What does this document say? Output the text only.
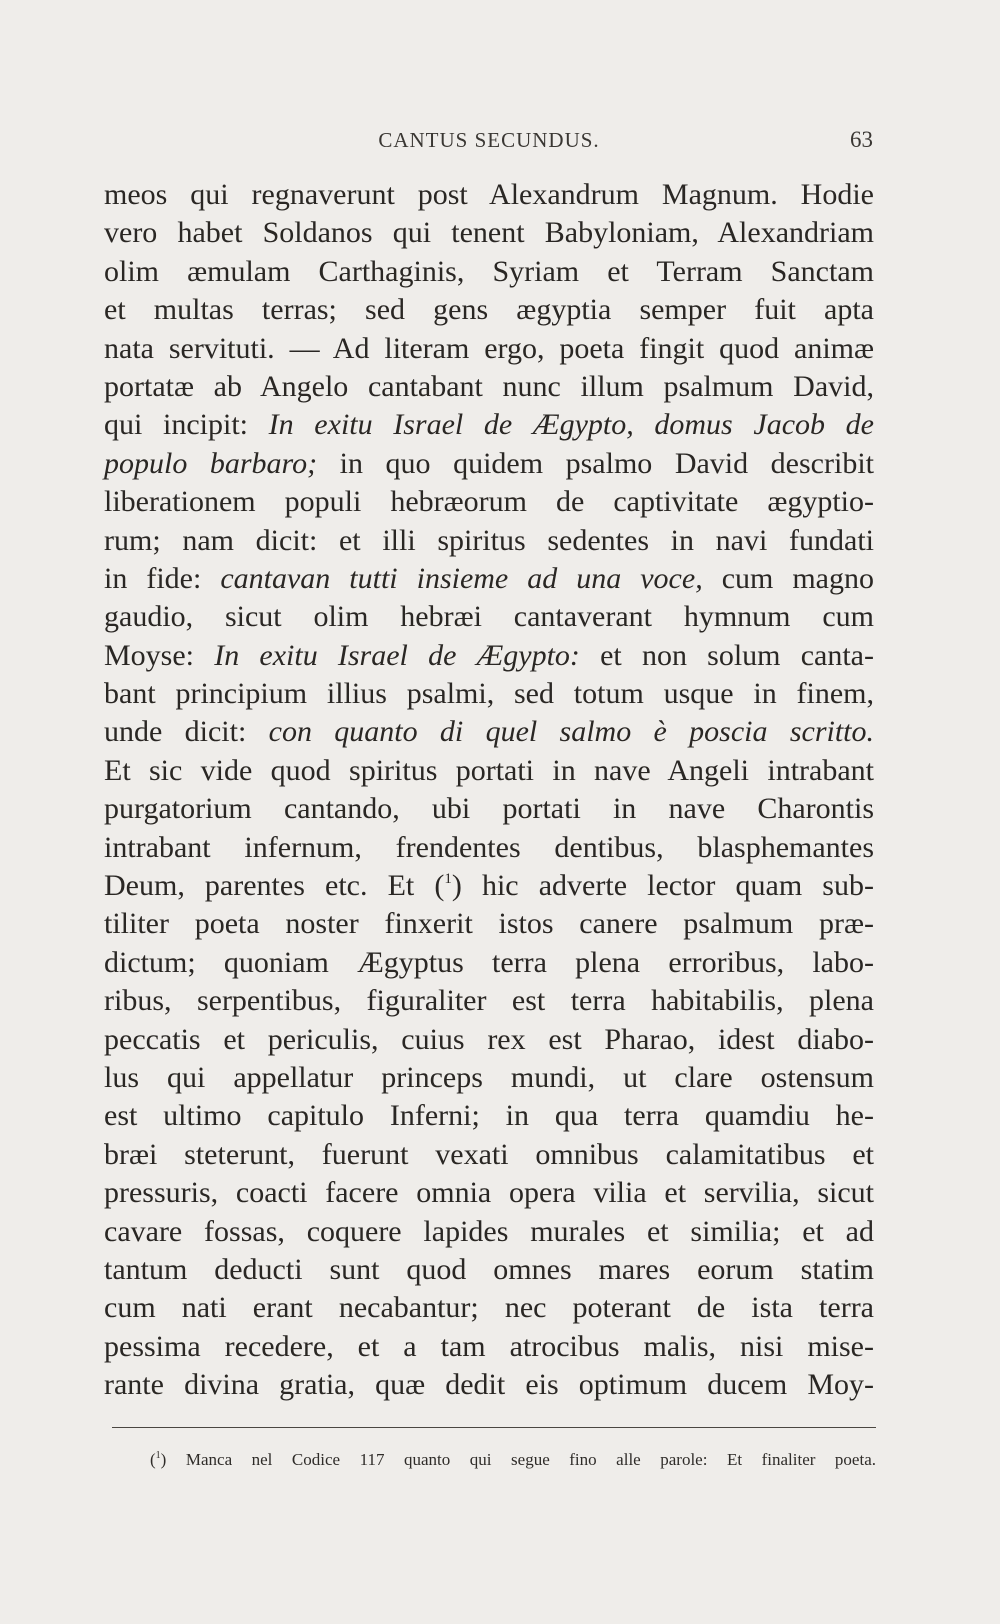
CANTUS SECUNDUS.	63
meos qui regnaverunt post Alexandrum Magnum. Hodie
vero habet Soldanos qui tenent Babyloniam, Alexandriam
olim æmulam Carthaginis, Syriam et Terram Sanctam
et multas terras; sed gens ægyptia semper fuit apta
nata servituti. — Ad literam ergo, poeta fingit quod animæ
portatæ ab Angelo cantabant nunc illum psalmum David,
qui incipit: In exitu Israel de Ægypto, domus Jacob de
populo barbaro; in quo quidem psalmo David describit
liberationem populi hebræorum de captivitate ægyptio-
rum; nam dicit: et illi spiritus sedentes in navi fundati
in fide: cantavan tutti insieme ad una voce, cum magno
gaudio, sicut olim hebræi cantaverant hymnum cum
Moyse: In exitu Israel de Ægypto: et non solum canta-
bant principium illius psalmi, sed totum usque in finem,
unde dicit: con quanto di quel salmo è poscia scritto.
Et sic vide quod spiritus portati in nave Angeli intrabant
purgatorium cantando, ubi portati in nave Charontis
intrabant infernum, frendentes dentibus, blasphemantes
Deum, parentes etc. Et ($^1$) hic adverte lector quam sub-
tiliter poeta noster finxerit istos canere psalmum præ-
dictum; quoniam Ægyptus terra plena erroribus, labo-
ribus, serpentibus, figuraliter est terra habitabilis, plena
peccatis et periculis, cuius rex est Pharao, idest diabo-
lus qui appellatur princeps mundi, ut clare ostensum
est ultimo capitulo Inferni; in qua terra quamdiu he-
bræi steterunt, fuerunt vexati omnibus calamitatibus et
pressuris, coacti facere omnia opera vilia et servilia, sicut
cavare fossas, coquere lapides murales et similia; et ad
tantum deducti sunt quod omnes mares eorum statim
cum nati erant necabantur; nec poterant de ista terra
pessima recedere, et a tam atrocibus malis, nisi mise-
rante divina gratia, quæ dedit eis optimum ducem Moy-
($^1$) Manca nel Codice 117 quanto qui segue fino alle parole: Et finaliter poeta.
